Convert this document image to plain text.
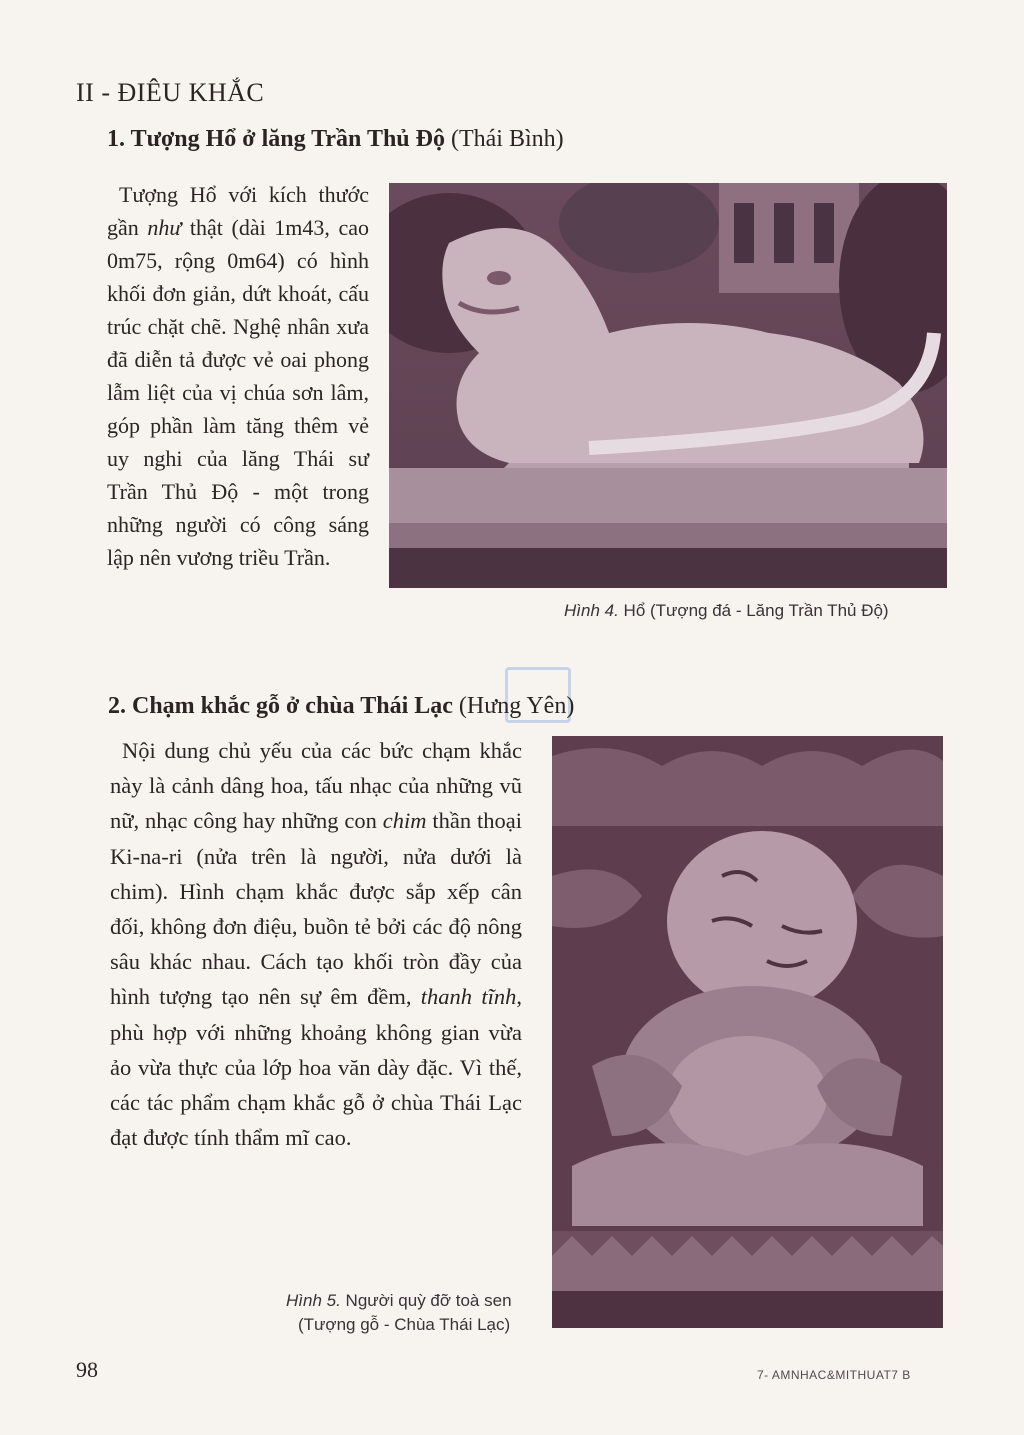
II - ĐIÊU KHẮC
1. Tượng Hổ ở lăng Trần Thủ Độ (Thái Bình)
Tượng Hổ với kích thước gần như thật (dài 1m43, cao 0m75, rộng 0m64) có hình khối đơn giản, dứt khoát, cấu trúc chặt chẽ. Nghệ nhân xưa đã diễn tả được vẻ oai phong lẫm liệt của vị chúa sơn lâm, góp phần làm tăng thêm vẻ uy nghi của lăng Thái sư Trần Thủ Độ - một trong những người có công sáng lập nên vương triều Trần.
Hình 4. Hổ (Tượng đá - Lăng Trần Thủ Độ)
2. Chạm khắc gỗ ở chùa Thái Lạc (Hưng Yên)
Nội dung chủ yếu của các bức chạm khắc này là cảnh dâng hoa, tấu nhạc của những vũ nữ, nhạc công hay những con chim thần thoại Ki-na-ri (nửa trên là người, nửa dưới là chim). Hình chạm khắc được sắp xếp cân đối, không đơn điệu, buồn tẻ bởi các độ nông sâu khác nhau. Cách tạo khối tròn đầy của hình tượng tạo nên sự êm đềm, thanh tĩnh, phù hợp với những khoảng không gian vừa ảo vừa thực của lớp hoa văn dày đặc. Vì thế, các tác phẩm chạm khắc gỗ ở chùa Thái Lạc đạt được tính thẩm mĩ cao.
Hình 5. Người quỳ đỡ toà sen
(Tượng gỗ - Chùa Thái Lạc)
98	7- AMNHAC&MITHUAT7 B
